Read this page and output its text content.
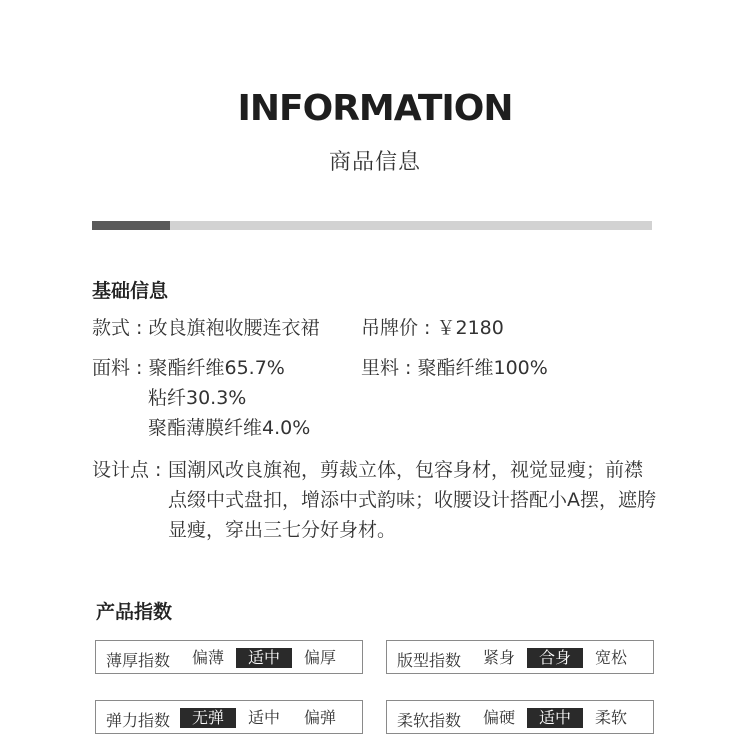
INFORMATION
商品信息
基础信息
款式 : 改良旗袍收腰连衣裙 吊牌价 : ￥2180
面料 : 聚酯纤维65.7%
粘纤30.3%
聚酯薄膜纤维4.0%
里料 : 聚酯纤维100%
设计点 : 国潮风改良旗袍，剪裁立体，包容身材，视觉显瘦；前襟点缀中式盘扣，增添中式韵味；收腰设计搭配小A摆，遮胯显瘦，穿出三七分好身材。
产品指数
薄厚指数	偏薄	适中	偏厚	版型指数	紧身	合身	宽松
弹力指数	无弹	适中	偏弹	柔软指数	偏硬	适中	柔软
